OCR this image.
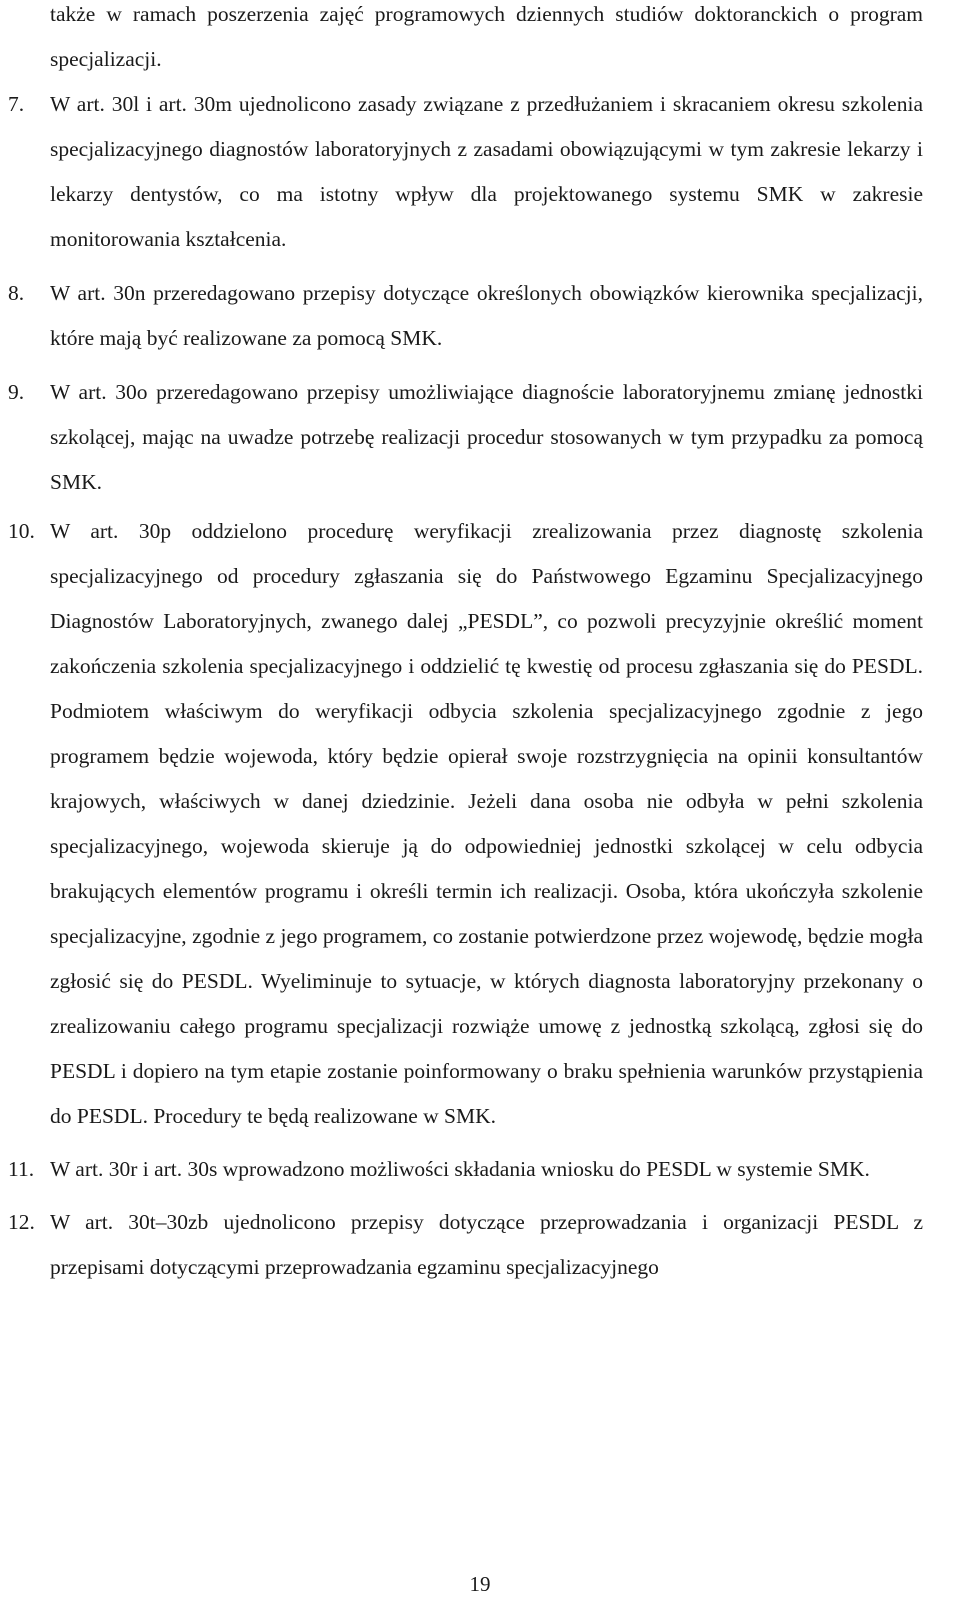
także w ramach poszerzenia zajęć programowych dziennych studiów doktoranckich o program specjalizacji.

7. W art. 30l i art. 30m ujednolicono zasady związane z przedłużaniem i skracaniem okresu szkolenia specjalizacyjnego diagnostów laboratoryjnych z zasadami obowiązującymi w tym zakresie lekarzy i lekarzy dentystów, co ma istotny wpływ dla projektowanego systemu SMK w zakresie monitorowania kształcenia.

8. W art. 30n przeredagowano przepisy dotyczące określonych obowiązków kierownika specjalizacji, które mają być realizowane za pomocą SMK.

9. W art. 30o przeredagowano przepisy umożliwiające diagnoście laboratoryjnemu zmianę jednostki szkolącej, mając na uwadze potrzebę realizacji procedur stosowanych w tym przypadku za pomocą SMK.

10. W art. 30p oddzielono procedurę weryfikacji zrealizowania przez diagnostę szkolenia specjalizacyjnego od procedury zgłaszania się do Państwowego Egzaminu Specjalizacyjnego Diagnostów Laboratoryjnych, zwanego dalej „PESDL”, co pozwoli precyzyjnie określić moment zakończenia szkolenia specjalizacyjnego i oddzielić tę kwestię od procesu zgłaszania się do PESDL. Podmiotem właściwym do weryfikacji odbycia szkolenia specjalizacyjnego zgodnie z jego programem będzie wojewoda, który będzie opierał swoje rozstrzygnięcia na opinii konsultantów krajowych, właściwych w danej dziedzinie. Jeżeli dana osoba nie odbyła w pełni szkolenia specjalizacyjnego, wojewoda skieruje ją do odpowiedniej jednostki szkolącej w celu odbycia brakujących elementów programu i określi termin ich realizacji. Osoba, która ukończyła szkolenie specjalizacyjne, zgodnie z jego programem, co zostanie potwierdzone przez wojewodę, będzie mogła zgłosić się do PESDL. Wyeliminuje to sytuacje, w których diagnosta laboratoryjny przekonany o zrealizowaniu całego programu specjalizacji rozwiąże umowę z jednostką szkolącą, zgłosi się do PESDL i dopiero na tym etapie zostanie poinformowany o braku spełnienia warunków przystąpienia do PESDL. Procedury te będą realizowane w SMK.

11. W art. 30r i art. 30s wprowadzono możliwości składania wniosku do PESDL w systemie SMK.

12. W art. 30t–30zb ujednolicono przepisy dotyczące przeprowadzania i organizacji PESDL z przepisami dotyczącymi przeprowadzania egzaminu specjalizacyjnego

19
